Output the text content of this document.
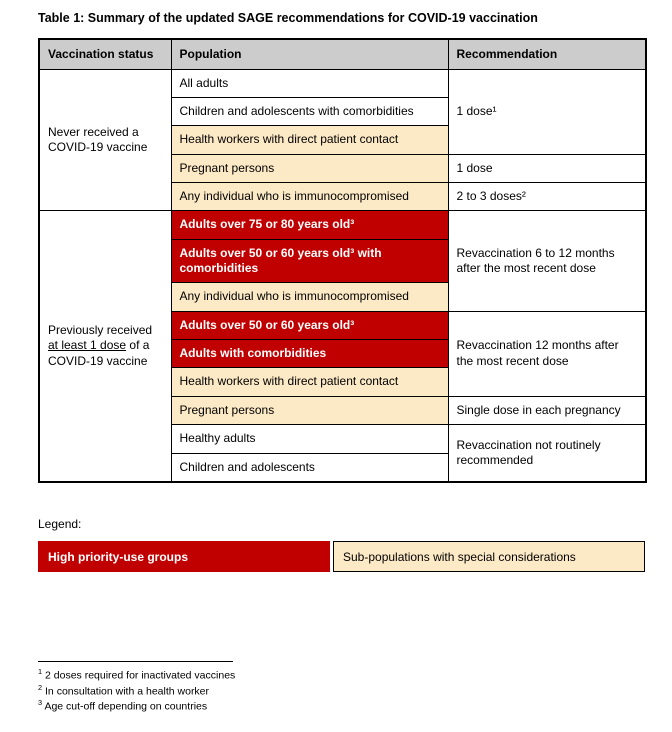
Table 1: Summary of the updated SAGE recommendations for COVID-19 vaccination
Vaccination status	Population	Recommendation
Never received a COVID-19 vaccine	All adults	1 dose¹
	Children and adolescents with comorbidities	
	Health workers with direct patient contact	
	Pregnant persons	1 dose
	Any individual who is immunocompromised	2 to 3 doses²
Previously received at least 1 dose of a COVID-19 vaccine	Adults over 75 or 80 years old³	Revaccination 6 to 12 months after the most recent dose
	Adults over 50 or 60 years old³ with comorbidities	
	Any individual who is immunocompromised	
	Adults over 50 or 60 years old³	Revaccination 12 months after the most recent dose
	Adults with comorbidities	
	Health workers with direct patient contact	
	Pregnant persons	Single dose in each pregnancy
	Healthy adults	Revaccination not routinely recommended
	Children and adolescents	
Legend:
High priority-use groups	Sub-populations with special considerations
$^1$ 2 doses required for inactivated vaccines
$^2$ In consultation with a health worker
$^3$ Age cut-off depending on countries
